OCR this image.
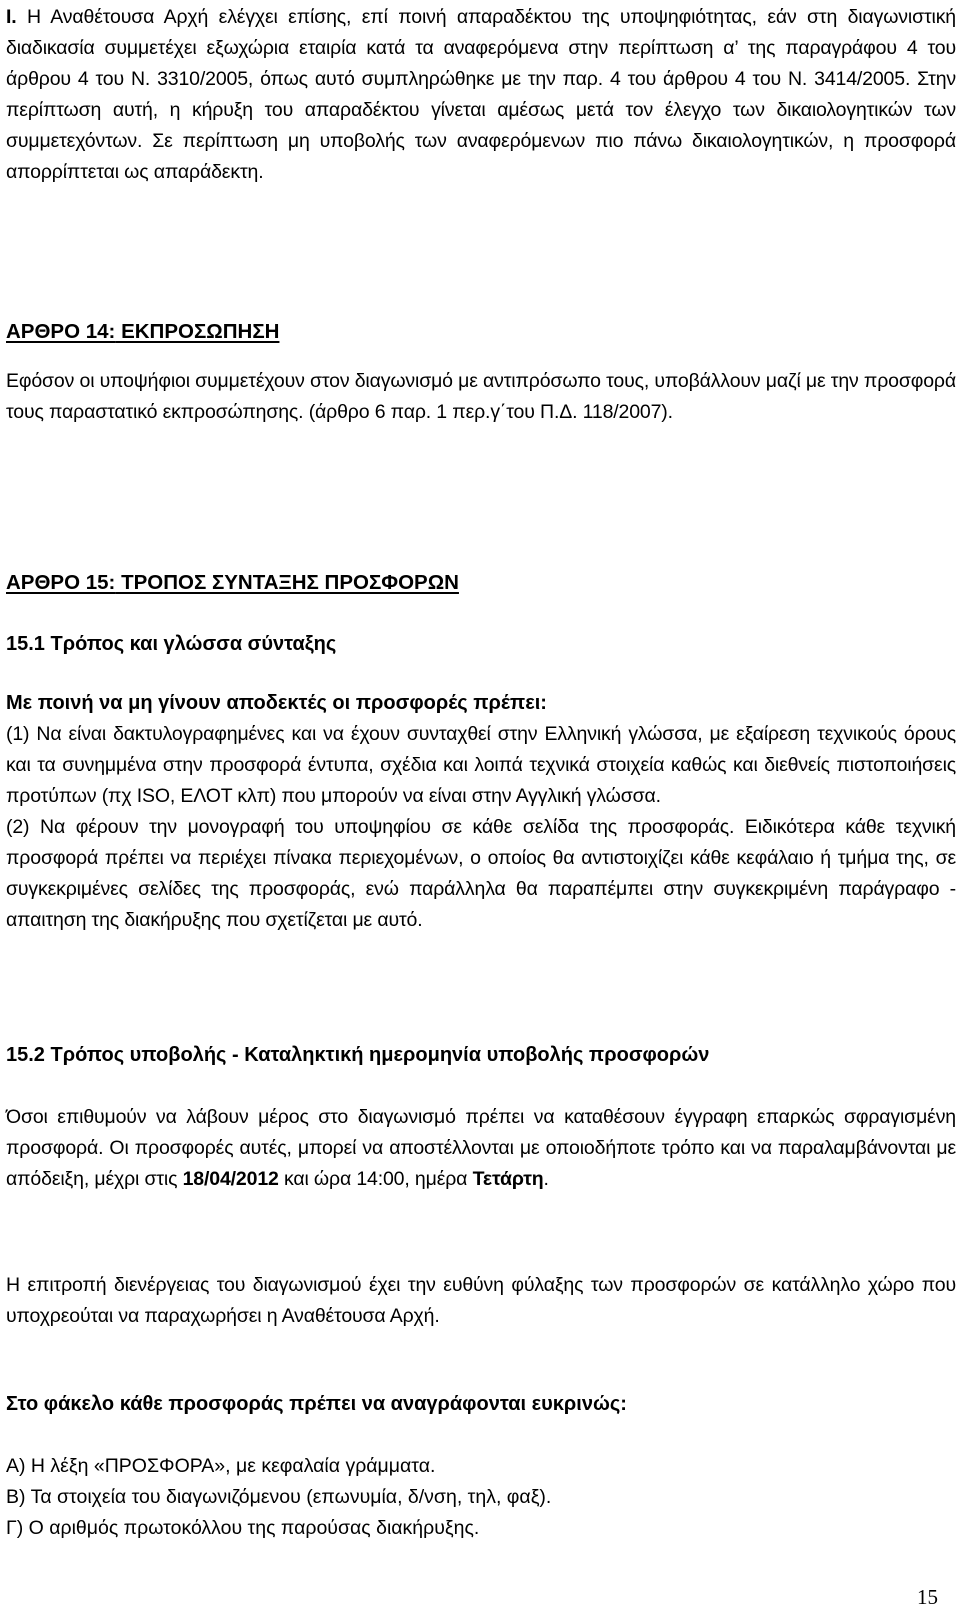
Ι. Η Αναθέτουσα Αρχή ελέγχει επίσης, επί ποινή απαραδέκτου της υποψηφιότητας, εάν στη διαγωνιστική διαδικασία συμμετέχει εξωχώρια εταιρία κατά τα αναφερόμενα στην περίπτωση α’ της παραγράφου 4 του άρθρου 4 του Ν. 3310/2005, όπως αυτό συμπληρώθηκε με την παρ. 4 του άρθρου 4 του Ν. 3414/2005. Στην περίπτωση αυτή, η κήρυξη του απαραδέκτου γίνεται αμέσως μετά τον έλεγχο των δικαιολογητικών των συμμετεχόντων. Σε περίπτωση μη υποβολής των αναφερόμενων πιο πάνω δικαιολογητικών, η προσφορά απορρίπτεται ως απαράδεκτη.

ΑΡΘΡΟ 14: ΕΚΠΡΟΣΩΠΗΣΗ

Εφόσον οι υποψήφιοι συμμετέχουν στον διαγωνισμό με αντιπρόσωπο τους, υποβάλλουν μαζί με την προσφορά τους παραστατικό εκπροσώπησης. (άρθρο 6 παρ. 1 περ.γ΄του Π.Δ. 118/2007).

ΑΡΘΡΟ 15: ΤΡΟΠΟΣ ΣΥΝΤΑΞΗΣ ΠΡΟΣΦΟΡΩΝ

15.1 Τρόπος και γλώσσα σύνταξης

Με ποινή να μη γίνουν αποδεκτές οι προσφορές πρέπει:

(1) Να είναι δακτυλογραφημένες και να έχουν συνταχθεί στην Ελληνική γλώσσα, με εξαίρεση τεχνικούς όρους και τα συνημμένα στην προσφορά έντυπα, σχέδια και λοιπά τεχνικά στοιχεία καθώς και διεθνείς πιστοποιήσεις προτύπων (πχ ISO, ΕΛΟΤ κλπ) που μπορούν να είναι στην Αγγλική γλώσσα.

(2) Να φέρουν την μονογραφή του υποψηφίου σε κάθε σελίδα της προσφοράς. Ειδικότερα κάθε τεχνική προσφορά πρέπει να περιέχει πίνακα περιεχομένων, ο οποίος θα αντιστοιχίζει κάθε κεφάλαιο ή τμήμα της, σε συγκεκριμένες σελίδες της προσφοράς, ενώ παράλληλα θα παραπέμπει στην συγκεκριμένη παράγραφο - απαιτηση της διακήρυξης που σχετίζεται με αυτό.

15.2 Τρόπος υποβολής - Καταληκτική ημερομηνία υποβολής προσφορών

Όσοι επιθυμούν να λάβουν μέρος στο διαγωνισμό πρέπει να καταθέσουν έγγραφη επαρκώς σφραγισμένη προσφορά. Οι προσφορές αυτές, μπορεί να αποστέλλονται με οποιοδήποτε τρόπο και να παραλαμβάνονται με απόδειξη, μέχρι στις 18/04/2012 και ώρα 14:00, ημέρα Τετάρτη.

Η επιτροπή διενέργειας του διαγωνισμού έχει την ευθύνη φύλαξης των προσφορών σε κατάλληλο χώρο που υποχρεούται να παραχωρήσει η Αναθέτουσα Αρχή.

Στο φάκελο κάθε προσφοράς πρέπει να αναγράφονται ευκρινώς:

Α) Η λέξη «ΠΡΟΣΦΟΡΑ», με κεφαλαία γράμματα.

Β) Τα στοιχεία του διαγωνιζόμενου (επωνυμία, δ/νση, τηλ, φαξ).

Γ) Ο αριθμός πρωτοκόλλου της παρούσας διακήρυξης.

15
